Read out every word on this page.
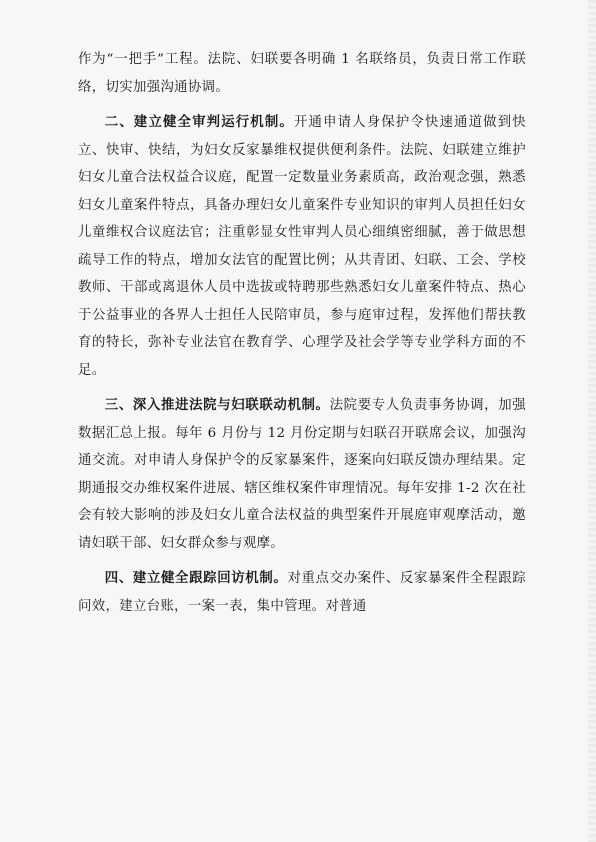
作为“一把手”工程。法院、妇联要各明确 1 名联络员，负责日常工作联络，切实加强沟通协调。

二、建立健全审判运行机制。开通申请人身保护令快速通道做到快立、快审、快结，为妇女反家暴维权提供便利条件。法院、妇联建立维护妇女儿童合法权益合议庭，配置一定数量业务素质高，政治观念强，熟悉妇女儿童案件特点，具备办理妇女儿童案件专业知识的审判人员担任妇女儿童维权合议庭法官；注重彰显女性审判人员心细缜密细腻，善于做思想疏导工作的特点，增加女法官的配置比例；从共青团、妇联、工会、学校教师、干部或离退休人员中选拔或特聘那些熟悉妇女儿童案件特点、热心于公益事业的各界人士担任人民陪审员，参与庭审过程，发挥他们帮扶教育的特长，弥补专业法官在教育学、心理学及社会学等专业学科方面的不足。

三、深入推进法院与妇联联动机制。法院要专人负责事务协调，加强数据汇总上报。每年 6 月份与 12 月份定期与妇联召开联席会议，加强沟通交流。对申请人身保护令的反家暴案件，逐案向妇联反馈办理结果。定期通报交办维权案件进展、辖区维权案件审理情况。每年安排 1-2 次在社会有较大影响的涉及妇女儿童合法权益的典型案件开展庭审观摩活动，邀请妇联干部、妇女群众参与观摩。

四、建立健全跟踪回访机制。对重点交办案件、反家暴案件全程跟踪问效，建立台账，一案一表，集中管理。对普通
